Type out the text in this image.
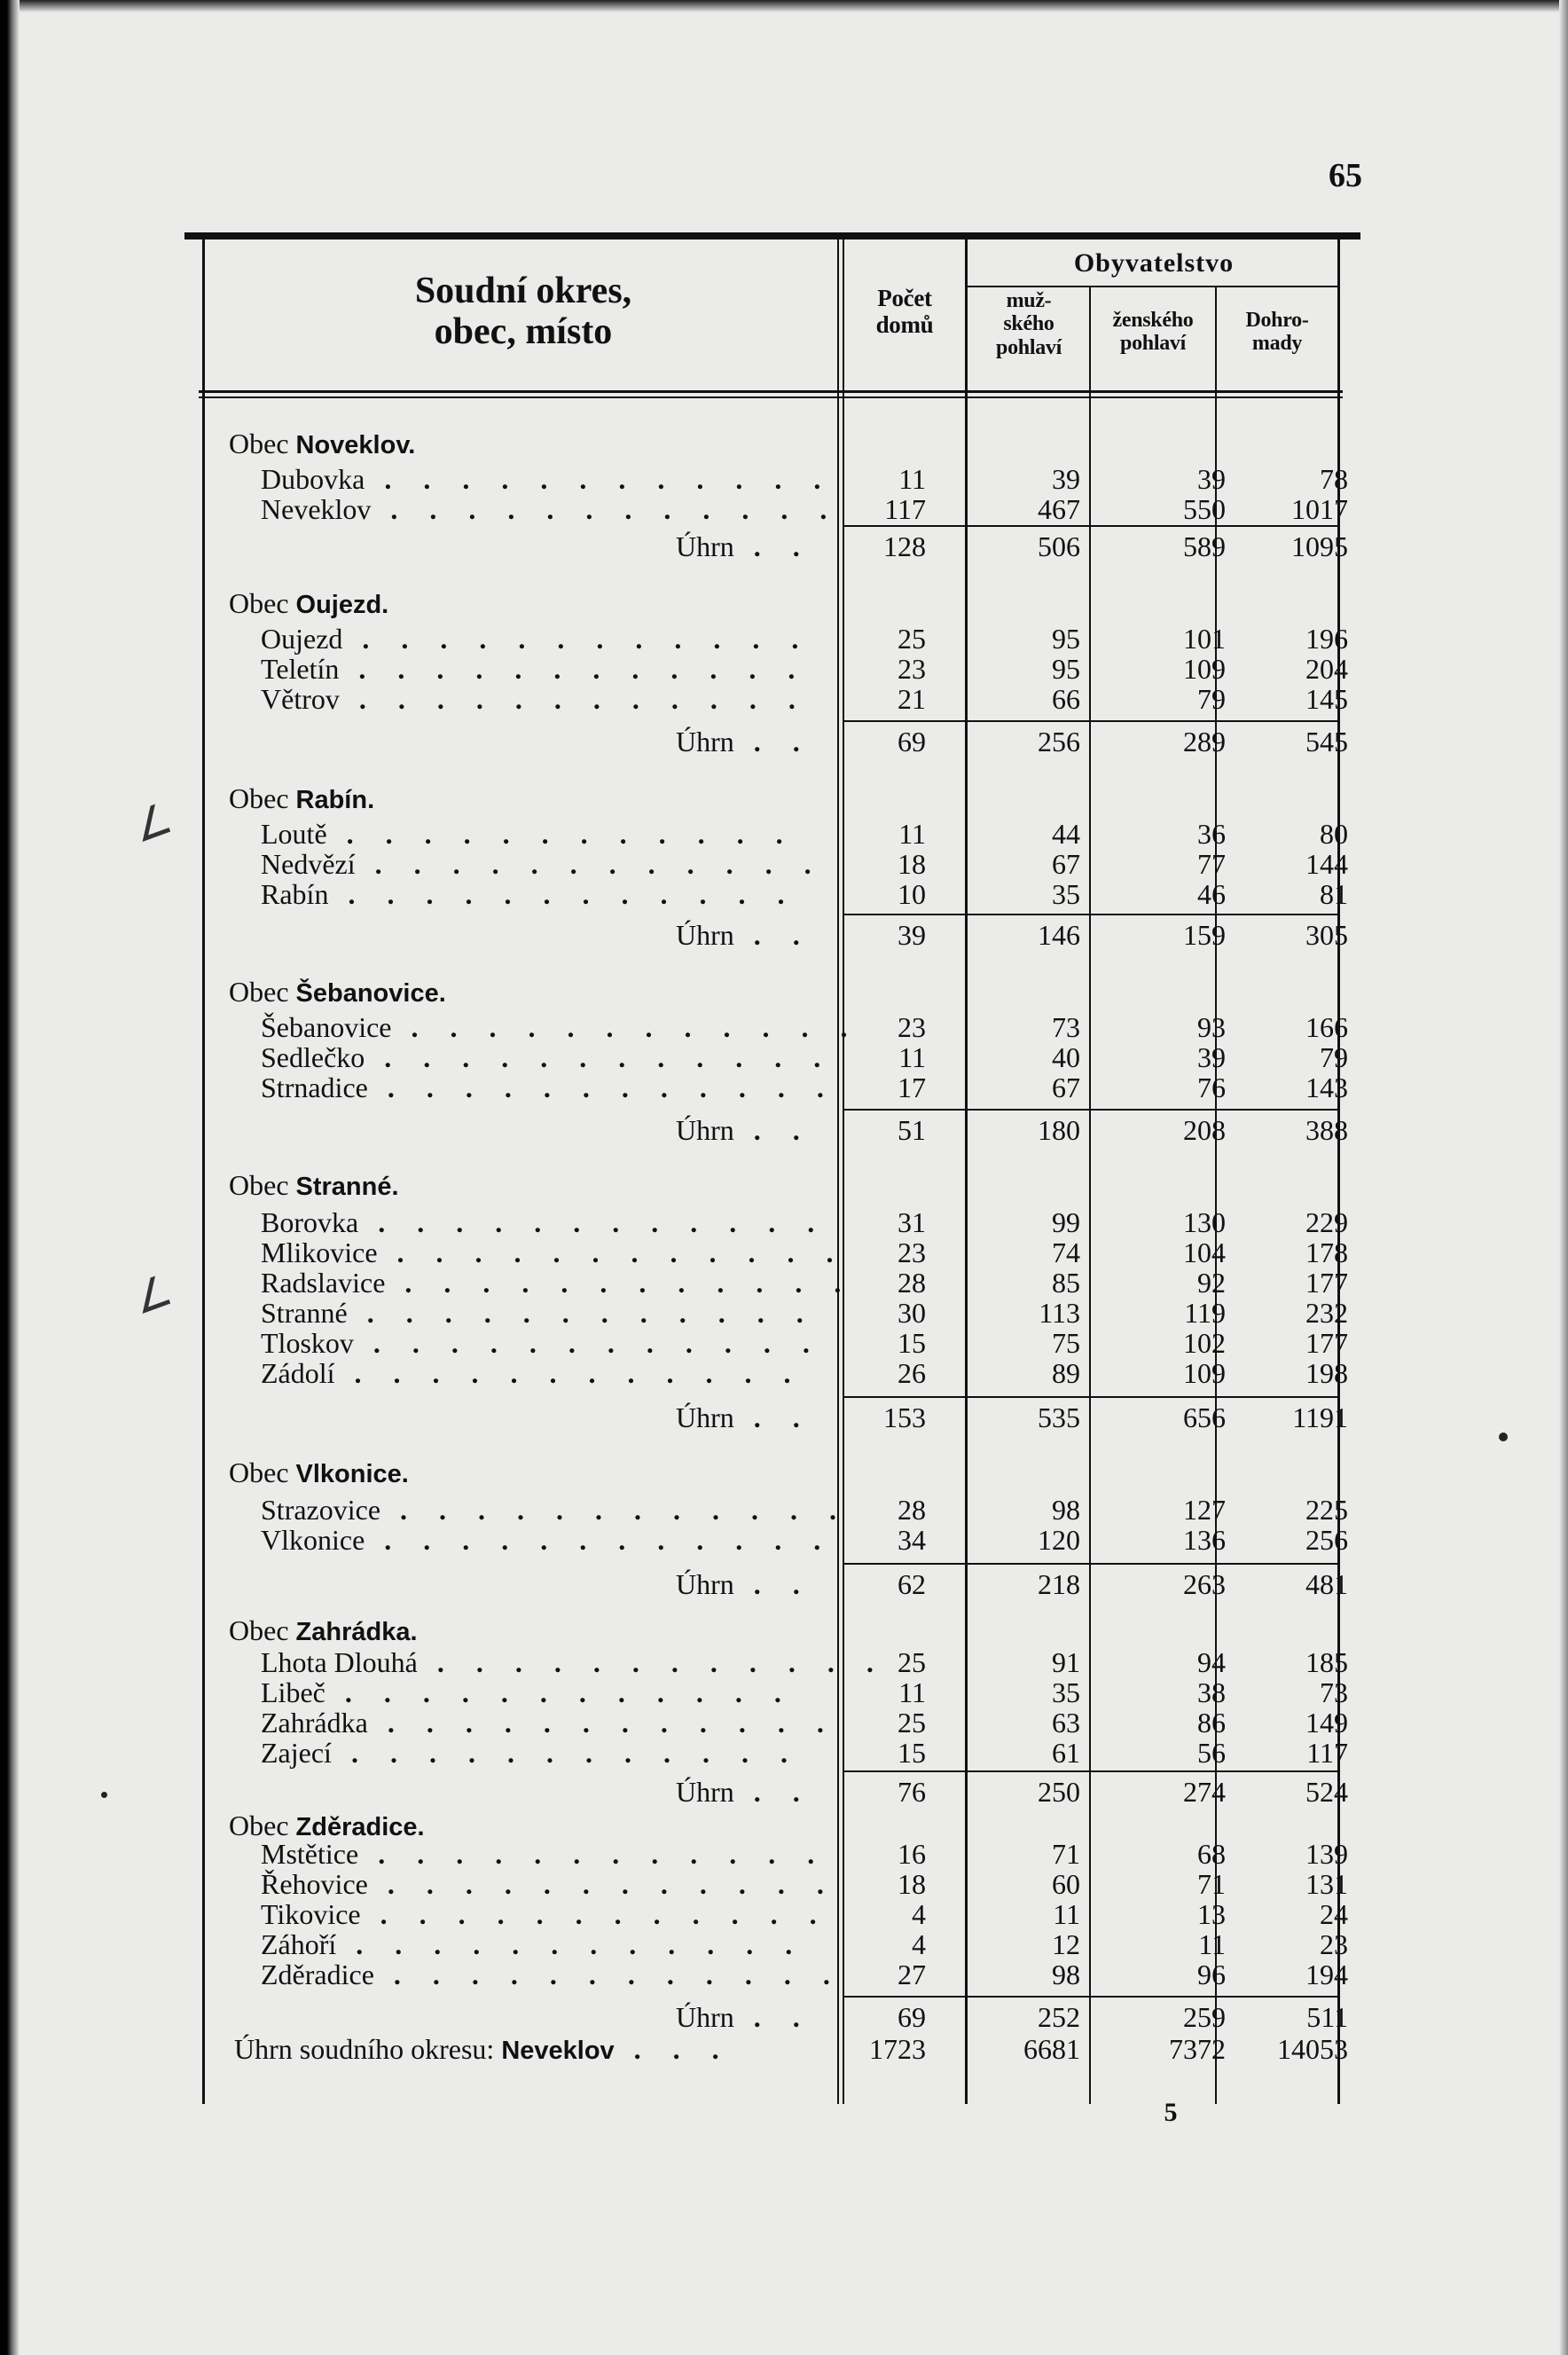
65
Soudní okres,
obec, místo
Počet
domů
Obyvatelstvo
muž-
ského
pohlaví
ženského
pohlaví
Dohro-
mady
Obec Noveklov.
Dubovka . . . . . . . . . . . .	11	39	39	78
Neveklov . . . . . . . . . . . .	117	467	550	1017
Úhrn . .	128	506	589	1095
Obec Oujezd.
Oujezd . . . . . . . . . . . .	25	95	101	196
Teletín . . . . . . . . . . . .	23	95	109	204
Větrov . . . . . . . . . . . .	21	66	79	145
Úhrn . .	69	256	289	545
Obec Rabín.
Loutě . . . . . . . . . . . .	11	44	36	80
Nedvězí . . . . . . . . . . . .	18	67	77	144
Rabín . . . . . . . . . . . .	10	35	46	81
Úhrn . .	39	146	159	305
Obec Šebanovice.
Šebanovice . . . . . . . . . . . .	23	73	93	166
Sedlečko . . . . . . . . . . . .	11	40	39	79
Strnadice . . . . . . . . . . . .	17	67	76	143
Úhrn . .	51	180	208	388
Obec Stranné.
Borovka . . . . . . . . . . . .	31	99	130	229
Mlikovice . . . . . . . . . . . .	23	74	104	178
Radslavice . . . . . . . . . . . .	28	85	92	177
Stranné . . . . . . . . . . . .	30	113	119	232
Tloskov . . . . . . . . . . . .	15	75	102	177
Zádolí . . . . . . . . . . . .	26	89	109	198
Úhrn . .	153	535	656	1191
Obec Vlkonice.
Strazovice . . . . . . . . . . . .	28	98	127	225
Vlkonice . . . . . . . . . . . .	34	120	136	256
Úhrn . .	62	218	263	481
Obec Zahrádka.
Lhota Dlouhá . . . . . . . . . . . . 25	91	94	185
Libeč . . . . . . . . . . . .	11	35	38	73
Zahrádka . . . . . . . . . . . .	25	63	86	149
Zajecí . . . . . . . . . . . .	15	61	56	117
Úhrn . .	76	250	274	524
Obec Zděradice.
Mstětice . . . . . . . . . . . .	16	71	68	139
Řehovice . . . . . . . . . . . .	18	60	71	131
Tikovice . . . . . . . . . . . .	4	11	13	24
Záhoří . . . . . . . . . . . .	4	12	11	23
Zděradice . . . . . . . . . . . .	27	98	96	194
Úhrn . .	69	252	259	511
Úhrn soudního okresu: Neveklov . . .	1723	6681	7372	14053
5
∠
∠
